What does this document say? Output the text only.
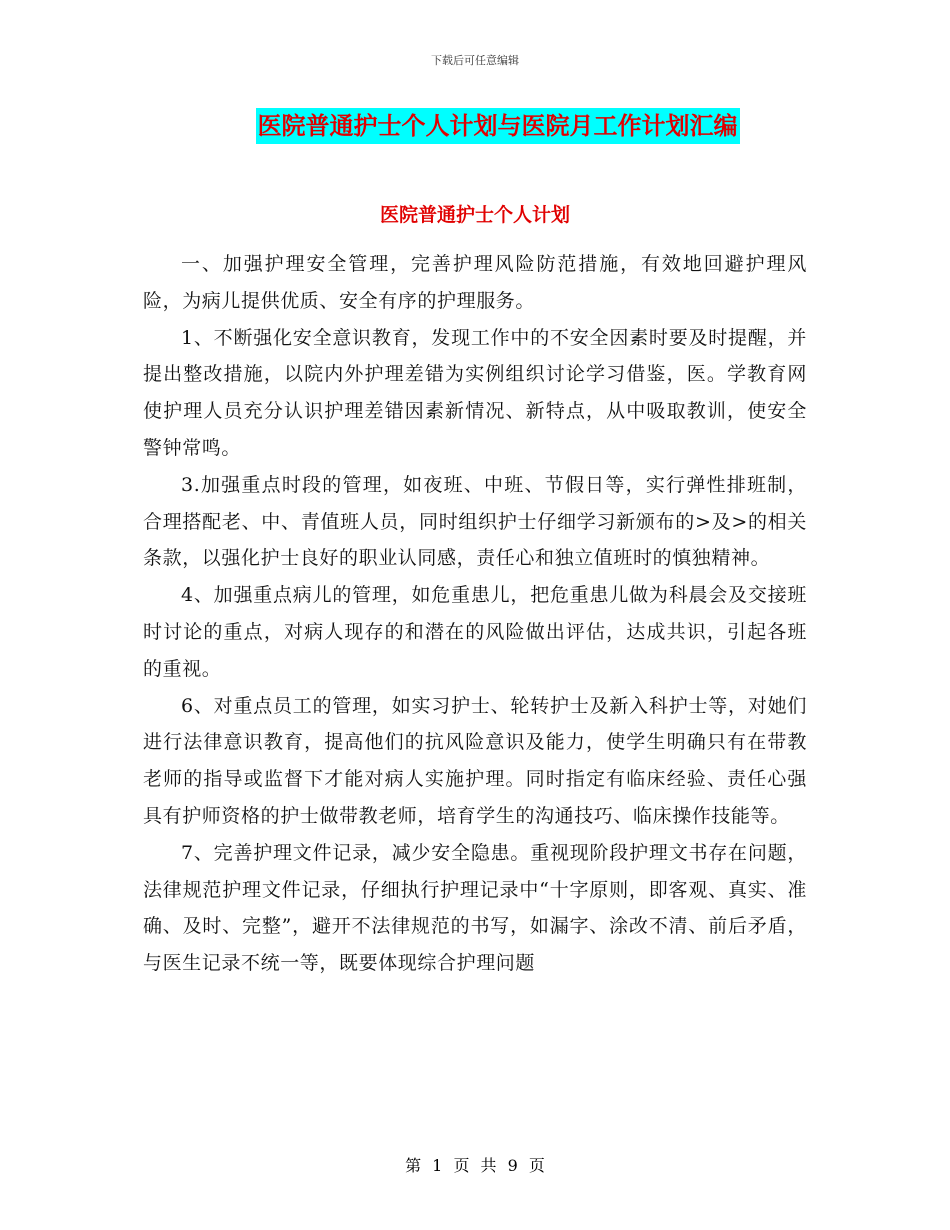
下载后可任意编辑
医院普通护士个人计划与医院月工作计划汇编
医院普通护士个人计划

一、加强护理安全管理，完善护理风险防范措施，有效地回避护理风险，为病儿提供优质、安全有序的护理服务。

1、不断强化安全意识教育，发现工作中的不安全因素时要及时提醒，并提出整改措施，以院内外护理差错为实例组织讨论学习借鉴，医。学教育网使护理人员充分认识护理差错因素新情况、新特点，从中吸取教训，使安全警钟常鸣。

3.加强重点时段的管理，如夜班、中班、节假日等，实行弹性排班制，合理搭配老、中、青值班人员，同时组织护士仔细学习新颁布的>及>的相关条款，以强化护士良好的职业认同感，责任心和独立值班时的慎独精神。

4、加强重点病儿的管理，如危重患儿，把危重患儿做为科晨会及交接班时讨论的重点，对病人现存的和潜在的风险做出评估，达成共识，引起各班的重视。

6、对重点员工的管理，如实习护士、轮转护士及新入科护士等，对她们进行法律意识教育，提高他们的抗风险意识及能力，使学生明确只有在带教老师的指导或监督下才能对病人实施护理。同时指定有临床经验、责任心强具有护师资格的护士做带教老师，培育学生的沟通技巧、临床操作技能等。

7、完善护理文件记录，减少安全隐患。重视现阶段护理文书存在问题，法律规范护理文件记录，仔细执行护理记录中“十字原则，即客观、真实、准确、及时、完整”，避开不法律规范的书写，如漏字、涂改不清、前后矛盾，与医生记录不统一等，既要体现综合护理问题

第 1 页 共 9 页
